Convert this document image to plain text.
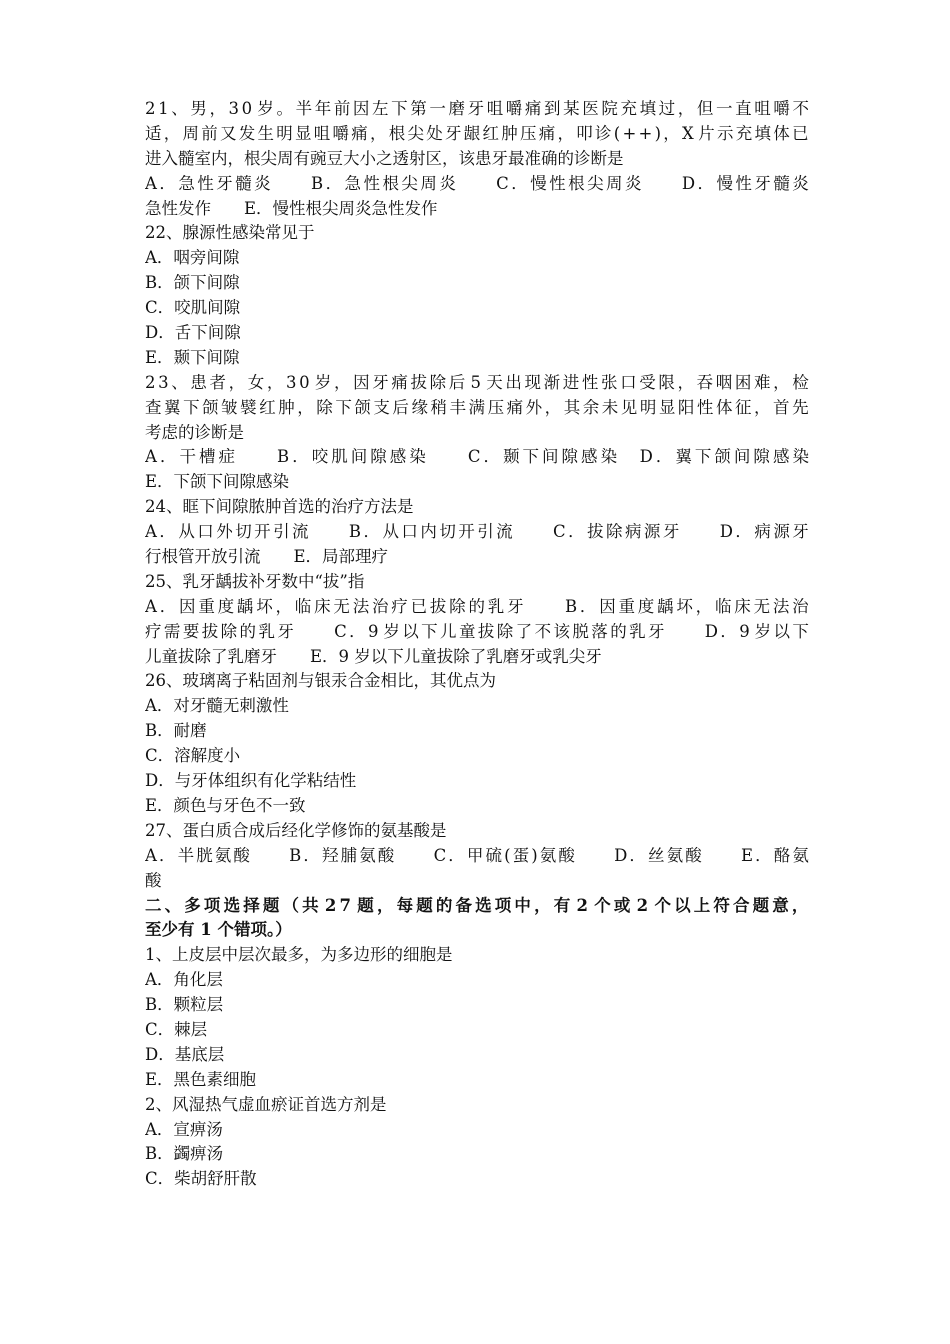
2 1 、 男 ， 3 0 岁 。 半 年 前 因 左 下 第 一 磨 牙 咀 嚼 痛 到 某 医 院 充 填 过 ， 但 一 直 咀 嚼 不
适 ， 周 前 又 发 生 明 显 咀 嚼 痛 ， 根 尖 处 牙 龈 红 肿 压 痛 ， 叩 诊 ( + + ) ， X 片 示 充 填 体 已
进入髓室内，根尖周有豌豆大小之透射区，该患牙最准确的诊断是
A ． 急 性 牙 髓 炎

　 B ． 急 性 根 尖 周 炎

　 C ． 慢 性 根 尖 周 炎

　 D ． 慢 性 牙 髓 炎
急性发作　　E．慢性根尖周炎急性发作
22、腺源性感染常见于
A．咽旁间隙
B．颌下间隙
C．咬肌间隙
D．舌下间隙
E．颞下间隙
2 3 、 患 者 ， 女 ， 3 0 岁 ， 因 牙 痛 拔 除 后 5 天 出 现 渐 进 性 张 口 受 限 ， 吞 咽 困 难 ， 检
查 翼 下 颌 皱 襞 红 肿 ， 除 下 颌 支 后 缘 稍 丰 满 压 痛 外 ， 其 余 未 见 明 显 阳 性 体 征 ， 首 先
考虑的诊断是
A ． 干 槽 症

　	B ． 咬 肌 间 隙 感 染

　	C ． 颞 下 间 隙 感 染
　 D ． 翼 下 颌 间 隙 感 染
E．下颌下间隙感染
24、眶下间隙脓肿首选的治疗方法是
A ． 从 口 外 切 开 引 流

　 B ． 从 口 内 切 开 引 流

　 C ． 拔 除 病 源 牙

　 D ． 病 源 牙
行根管开放引流　　E．局部理疗
25、乳牙龋拔补牙数中“拔”指
A ． 因 重 度 龋 坏 ， 临 床 无 法 治 疗 已 拔 除 的 乳 牙

　	B ． 因 重 度 龋 坏 ， 临 床 无 法 治
疗 需 要 拔 除 的 乳 牙

　 C ． 9 岁 以 下 儿 童 拔 除 了 不 该 脱 落 的 乳 牙

　 D ． 9 岁 以 下
儿童拔除了乳磨牙　　E．9 岁以下儿童拔除了乳磨牙或乳尖牙
26、玻璃离子粘固剂与银汞合金相比，其优点为
A．对牙髓无刺激性
B．耐磨
C．溶解度小
D．与牙体组织有化学粘结性
E．颜色与牙色不一致
27、蛋白质合成后经化学修饰的氨基酸是
A ． 半 胱 氨 酸

　 B ． 羟 脯 氨 酸

　 C ． 甲 硫 ( 蛋 ) 氨 酸

　 D ． 丝 氨 酸

　 E ． 酪 氨
酸
二 、 多 项 选 择 题 （ 共 2 7 题 ， 每 题 的 备 选 项 中 ， 有 2 个 或 2 个 以 上 符 合 题 意 ，
至少有 1 个错项。）
1、上皮层中层次最多，为多边形的细胞是
A．角化层
B．颗粒层
C．棘层
D．基底层
E．黑色素细胞
2、风湿热气虚血瘀证首选方剂是
A．宣痹汤
B．蠲痹汤
C．柴胡舒肝散
